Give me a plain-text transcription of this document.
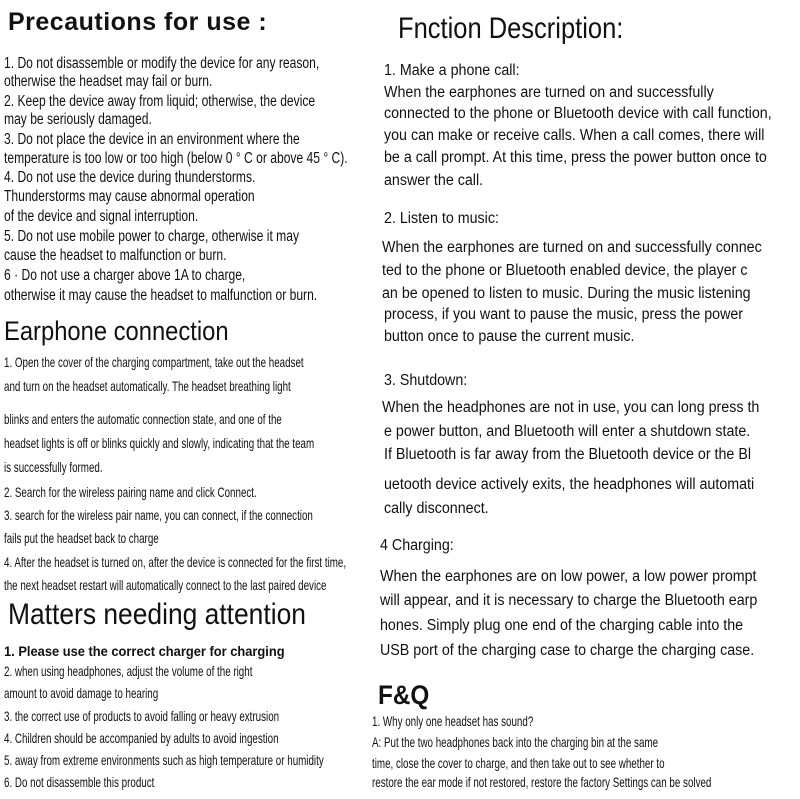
Precautions for use :
1. Do not disassemble or modify the device for any reason,
otherwise the headset may fail or burn.
2. Keep the device away from liquid; otherwise, the device
may be seriously damaged.
3. Do not place the device in an environment where the
temperature is too low or too high (below 0 ° C or above 45 ° C).
4. Do not use the device during thunderstorms.
Thunderstorms may cause abnormal operation
of the device and signal interruption.
5. Do not use mobile power to charge, otherwise it may
cause the headset to malfunction or burn.
6 · Do not use a charger above 1A to charge,
otherwise it may cause the headset to malfunction or burn.
Earphone connection
1. Open the cover of the charging compartment, take out the headset
and turn on the headset automatically. The headset breathing light
blinks and enters the automatic connection state, and one of the
headset lights is off or blinks quickly and slowly, indicating that the team
is successfully formed.
2. Search for the wireless pairing name and click Connect.
3. search for the wireless pair name, you can connect, if the connection
fails put the headset back to charge
4. After the headset is turned on, after the device is connected for the first time,
the next headset restart will automatically connect to the last paired device
Matters needing attention
1. Please use the correct charger for charging
2. when using headphones, adjust the volume of the right
amount to avoid damage to hearing
3. the correct use of products to avoid falling or heavy extrusion
4. Children should be accompanied by adults to avoid ingestion
5. away from extreme environments such as high temperature or humidity
6. Do not disassemble this product
Fnction Description:
1. Make a phone call:
When the earphones are turned on and successfully
connected to the phone or Bluetooth device with call function,
you can make or receive calls. When a call comes, there will
be a call prompt. At this time, press the power button once to
answer the call.
2. Listen to music:
When the earphones are turned on and successfully connec
ted to the phone or Bluetooth enabled device, the player c
an be opened to listen to music. During the music listening
process, if you want to pause the music, press the power
button once to pause the current music.
3. Shutdown:
When the headphones are not in use, you can long press th
e power button, and Bluetooth will enter a shutdown state.
If Bluetooth is far away from the Bluetooth device or the Bl
uetooth device actively exits, the headphones will automati
cally disconnect.
4 Charging:
When the earphones are on low power, a low power prompt
will appear, and it is necessary to charge the Bluetooth earp
hones. Simply plug one end of the charging cable into the
USB port of the charging case to charge the charging case.
F&Q
1. Why only one headset has sound?
A: Put the two headphones back into the charging bin at the same
time, close the cover to charge, and then take out to see whether to
restore the ear mode if not restored, restore the factory Settings can be solved
